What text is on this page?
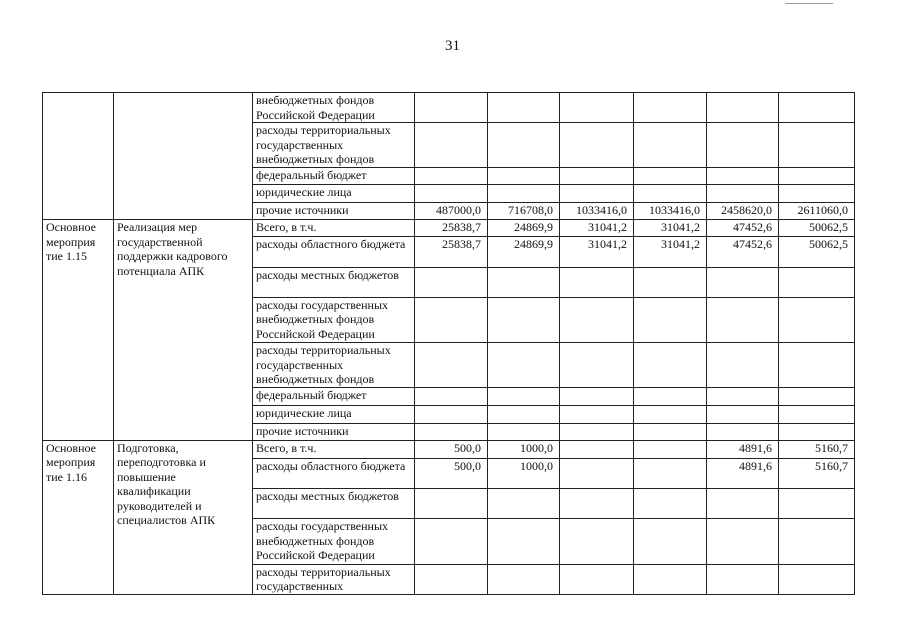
31
		внебюджетных фондов Российской Федерации						
		расходы территориальных государственных внебюджетных фондов						
		федеральный бюджет						
		юридические лица						
		прочие источники	487000,0	716708,0	1033416,0	1033416,0	2458620,0	2611060,0
Основное мероприя тие 1.15	Реализация мер государственной поддержки кадрового потенциала АПК	Всего, в т.ч.	25838,7	24869,9	31041,2	31041,2	47452,6	50062,5
		расходы областного бюджета	25838,7	24869,9	31041,2	31041,2	47452,6	50062,5
		расходы местных бюджетов						
		расходы государственных внебюджетных фондов Российской Федерации						
		расходы территориальных государственных внебюджетных фондов						
		федеральный бюджет						
		юридические лица						
		прочие источники						
Основное мероприя тие 1.16	Подготовка, переподготовка и повышение квалификации руководителей и специалистов АПК	Всего, в т.ч.	500,0	1000,0			4891,6	5160,7
		расходы областного бюджета	500,0	1000,0			4891,6	5160,7
		расходы местных бюджетов						
		расходы государственных внебюджетных фондов Российской Федерации						
		расходы территориальных государственных						
